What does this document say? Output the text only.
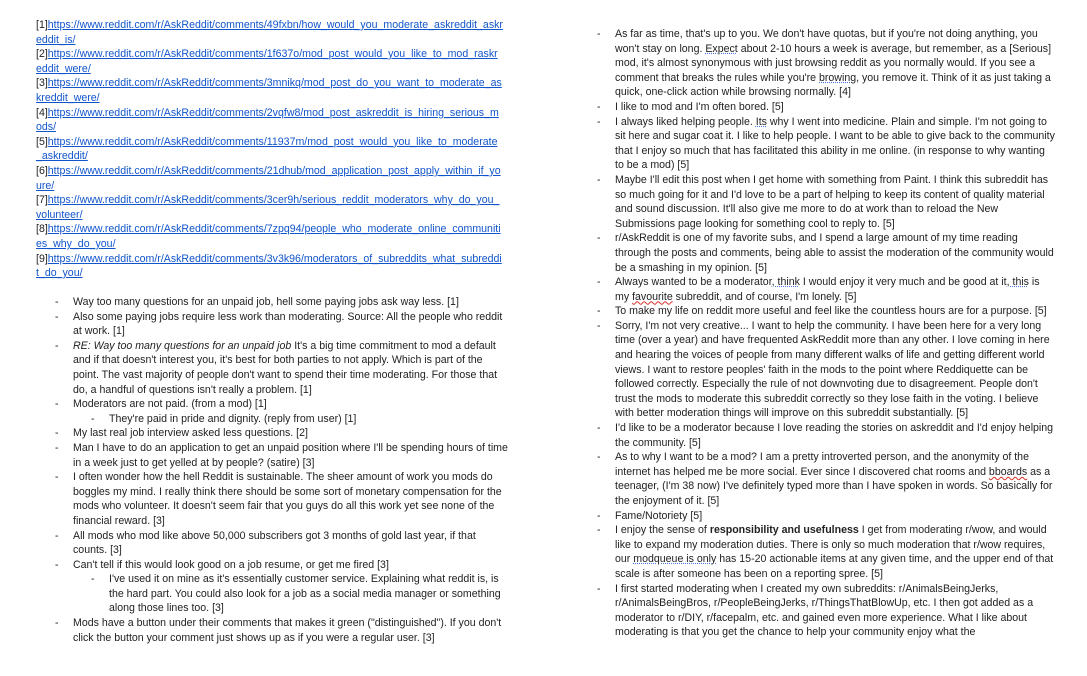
[1]https://www.reddit.com/r/AskReddit/comments/49fxbn/how_would_you_moderate_askreddit_askreddit_is/

[2]https://www.reddit.com/r/AskReddit/comments/1f637o/mod_post_would_you_like_to_mod_raskreddit_were/

[3]https://www.reddit.com/r/AskReddit/comments/3mnikq/mod_post_do_you_want_to_moderate_askreddit_were/

[4]https://www.reddit.com/r/AskReddit/comments/2vqfw8/mod_post_askreddit_is_hiring_serious_mods/

[5]https://www.reddit.com/r/AskReddit/comments/11937m/mod_post_would_you_like_to_moderate_askreddit/

[6]https://www.reddit.com/r/AskReddit/comments/21dhub/mod_application_post_apply_within_if_youre/

[7]https://www.reddit.com/r/AskReddit/comments/3cer9h/serious_reddit_moderators_why_do_you_volunteer/

[8]https://www.reddit.com/r/AskReddit/comments/7zpq94/people_who_moderate_online_communities_why_do_you/

[9]https://www.reddit.com/r/AskReddit/comments/3v3k96/moderators_of_subreddits_what_subreddit_do_you/

- Way too many questions for an unpaid job, hell some paying jobs ask way less. [1]
- Also some paying jobs require less work than moderating. Source: All the people who reddit at work. [1]
- RE: Way too many questions for an unpaid job It's a big time commitment to mod a default and if that doesn't interest you, it's best for both parties to not apply. Which is part of the point. The vast majority of people don't want to spend their time moderating. For those that do, a handful of questions isn't really a problem. [1]
- Moderators are not paid. (from a mod) [1]
- They're paid in pride and dignity. (reply from user) [1]
- My last real job interview asked less questions. [2]
- Man I have to do an application to get an unpaid position where I'll be spending hours of time in a week just to get yelled at by people? (satire) [3]
- I often wonder how the hell Reddit is sustainable. The sheer amount of work you mods do boggles my mind. I really think there should be some sort of monetary compensation for the mods who volunteer. It doesn't seem fair that you guys do all this work yet see none of the financial reward. [3]
- All mods who mod like above 50,000 subscribers got 3 months of gold last year, if that counts. [3]
- Can't tell if this would look good on a job resume, or get me fired [3]
- I've used it on mine as it's essentially customer service. Explaining what reddit is, is the hard part. You could also look for a job as a social media manager or something along those lines too. [3]
- Mods have a button under their comments that makes it green ("distinguished"). If you don't click the button your comment just shows up as if you were a regular user. [3]
- As far as time, that's up to you. We don't have quotas, but if you're not doing anything, you won't stay on long. Expect about 2-10 hours a week is average, but remember, as a [Serious] mod, it's almost synonymous with just browsing reddit as you normally would. If you see a comment that breaks the rules while you're browing, you remove it. Think of it as just taking a quick, one-click action while browsing normally. [4]
- I like to mod and I'm often bored. [5]
- I always liked helping people. Its why I went into medicine. Plain and simple. I'm not going to sit here and sugar coat it. I like to help people. I want to be able to give back to the community that I enjoy so much that has facilitated this ability in me online. (in response to why wanting to be a mod) [5]
- Maybe I'll edit this post when I get home with something from Paint. I think this subreddit has so much going for it and I'd love to be a part of helping to keep its content of quality material and sound discussion. It'll also give me more to do at work than to reload the New Submissions page looking for something cool to reply to. [5]
- r/AskReddit is one of my favorite subs, and I spend a large amount of my time reading through the posts and comments, being able to assist the moderation of the community would be a smashing in my opinion. [5]
- Always wanted to be a moderator, think I would enjoy it very much and be good at it, this is my favourite subreddit, and of course, I'm lonely. [5]
- To make my life on reddit more useful and feel like the countless hours are for a purpose. [5]
- Sorry, I'm not very creative... I want to help the community. I have been here for a very long time (over a year) and have frequented AskReddit more than any other. I love coming in here and hearing the voices of people from many different walks of life and getting different world views. I want to restore peoples' faith in the mods to the point where Reddiquette can be followed correctly. Especially the rule of not downvoting due to disagreement. People don't trust the mods to moderate this subreddit correctly so they lose faith in the voting. I believe with better moderation things will improve on this subreddit substantially. [5]
- I'd like to be a moderator because I love reading the stories on askreddit and I'd enjoy helping the community. [5]
- As to why I want to be a mod? I am a pretty introverted person, and the anonymity of the internet has helped me be more social. Ever since I discovered chat rooms and bboards as a teenager, (I'm 38 now) I've definitely typed more than I have spoken in words. So basically for the enjoyment of it. [5]
- Fame/Notoriety [5]
- I enjoy the sense of responsibility and usefulness I get from moderating r/wow, and would like to expand my moderation duties. There is only so much moderation that r/wow requires, our modqueue is only has 15-20 actionable items at any given time, and the upper end of that scale is after someone has been on a reporting spree. [5]
- I first started moderating when I created my own subreddits: r/AnimalsBeingJerks, r/AnimalsBeingBros, r/PeopleBeingJerks, r/ThingsThatBlowUp, etc. I then got added as a moderator to r/DIY, r/facepalm, etc. and gained even more experience. What I like about moderating is that you get the chance to help your community enjoy what the
